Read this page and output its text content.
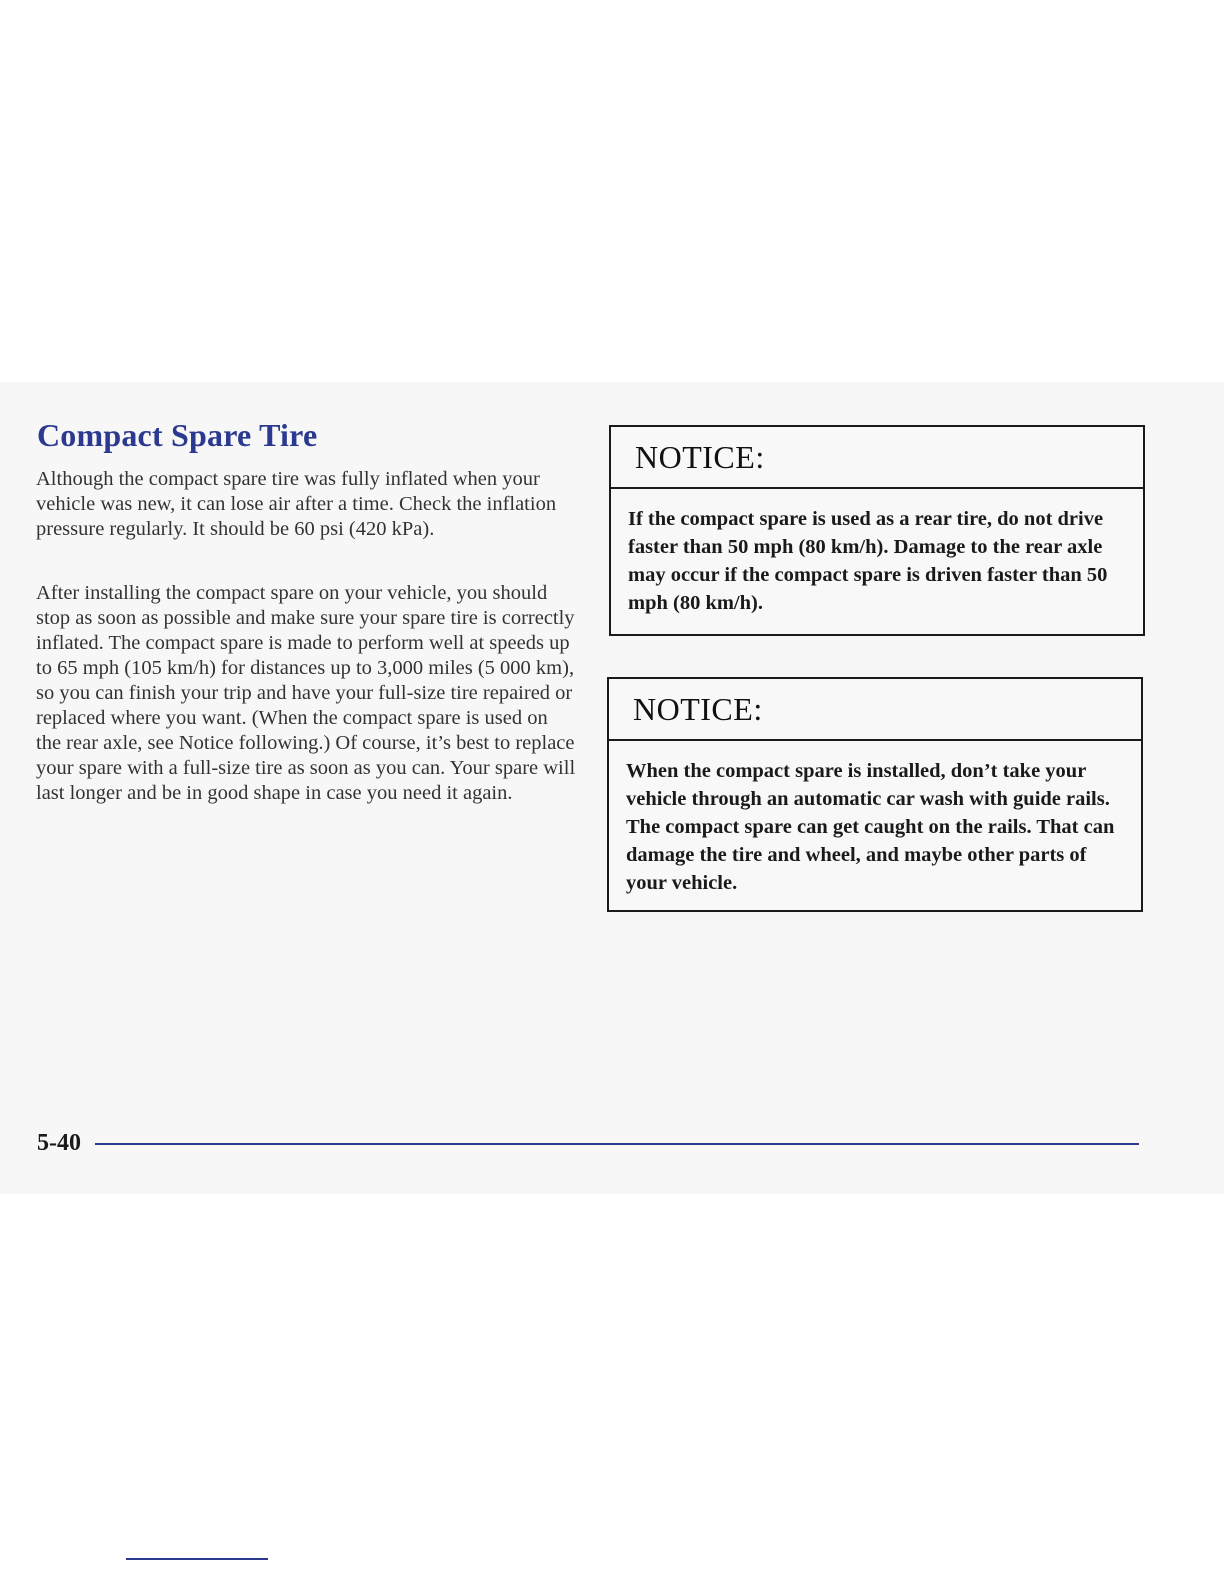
Compact Spare Tire

Although the compact spare tire was fully inflated when your vehicle was new, it can lose air after a time. Check the inflation pressure regularly. It should be 60 psi (420 kPa).

After installing the compact spare on your vehicle, you should stop as soon as possible and make sure your spare tire is correctly inflated. The compact spare is made to perform well at speeds up to 65 mph (105 km/h) for distances up to 3,000 miles (5 000 km), so you can finish your trip and have your full-size tire repaired or replaced where you want. (When the compact spare is used on the rear axle, see Notice following.) Of course, it’s best to replace your spare with a full-size tire as soon as you can. Your spare will last longer and be in good shape in case you need it again.

NOTICE:

If the compact spare is used as a rear tire, do not drive faster than 50 mph (80 km/h). Damage to the rear axle may occur if the compact spare is driven faster than 50 mph (80 km/h).

NOTICE:

When the compact spare is installed, don’t take your vehicle through an automatic car wash with guide rails. The compact spare can get caught on the rails. That can damage the tire and wheel, and maybe other parts of your vehicle.

5-40
